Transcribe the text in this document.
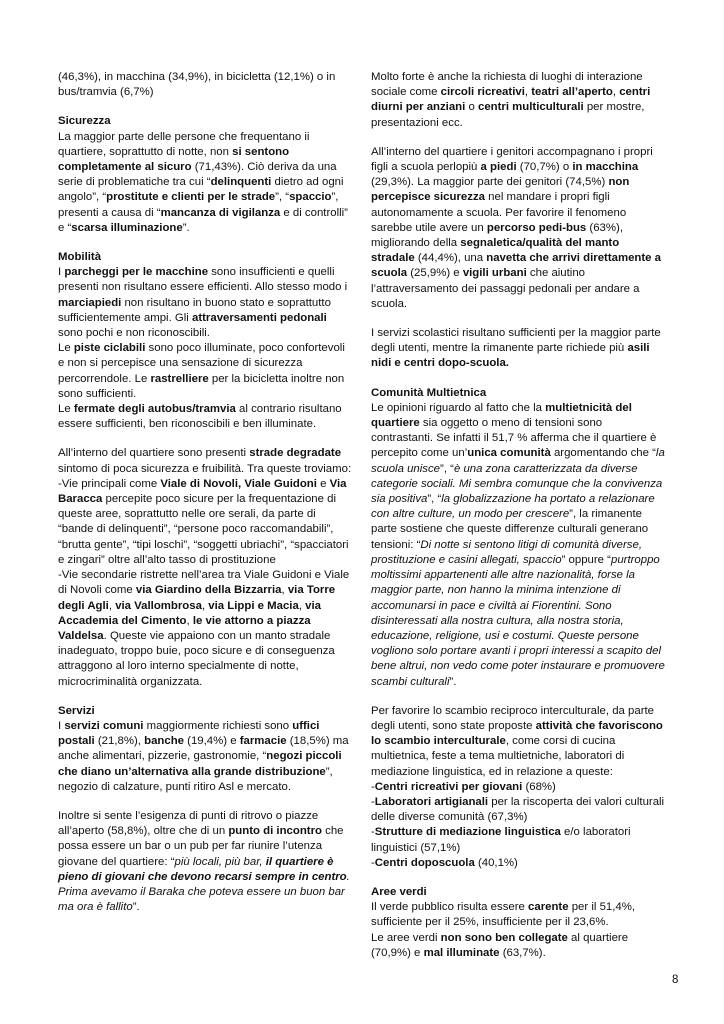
(46,3%), in macchina (34,9%), in bicicletta (12,1%) o in bus/tramvia (6,7%)

Sicurezza

La maggior parte delle persone che frequentano ii quartiere, soprattutto di notte, non si sentono completamente al sicuro (71,43%). Ciò deriva da una serie di problematiche tra cui “delinquenti dietro ad ogni angolo”, “prostitute e clienti per le strade”, “spaccio”, presenti a causa di “mancanza di vigilanza e di controlli” e “scarsa illuminazione”.

Mobilità

I parcheggi per le macchine sono insufficienti e quelli presenti non risultano essere efficienti. Allo stesso modo i marciapiedi non risultano in buono stato e soprattutto sufficientemente ampi. Gli attraversamenti pedonali sono pochi e non riconoscibili.
Le piste ciclabili sono poco illuminate, poco confortevoli e non si percepisce una sensazione di sicurezza percorrendole. Le rastrelliere per la bicicletta inoltre non sono sufficienti.
Le fermate degli autobus/tramvia al contrario risultano essere sufficienti, ben riconoscibili e ben illuminate.

All’interno del quartiere sono presenti strade degradate sintomo di poca sicurezza e fruibilità. Tra queste troviamo:
-Vie principali come Viale di Novoli, Viale Guidoni e Via Baracca percepite poco sicure per la frequentazione di queste aree, soprattutto nelle ore serali, da parte di “bande di delinquenti”, “persone poco raccomandabili”, “brutta gente”, “tipi loschi”, “soggetti ubriachi”, “spacciatori e zingari” oltre all’alto tasso di prostituzione
-Vie secondarie ristrette nell’area tra Viale Guidoni e Viale di Novoli come via Giardino della Bizzarria, via Torre degli Agli, via Vallombrosa, via Lippi e Macia, via Accademia del Cimento, le vie attorno a piazza Valdelsa. Queste vie appaiono con un manto stradale inadeguato, troppo buie, poco sicure e di conseguenza attraggono al loro interno specialmente di notte, microcriminalità organizzata.

Servizi

I servizi comuni maggiormente richiesti sono uffici postali (21,8%), banche (19,4%) e farmacie (18,5%) ma anche alimentari, pizzerie, gastronomie, “negozi piccoli che diano un’alternativa alla grande distribuzione”, negozio di calzature, punti ritiro Asl e mercato.

Inoltre si sente l’esigenza di punti di ritrovo o piazze all’aperto (58,8%), oltre che di un punto di incontro che possa essere un bar o un pub per far riunire l’utenza giovane del quartiere: “più locali, più bar, il quartiere è pieno di giovani che devono recarsi sempre in centro. Prima avevamo il Baraka che poteva essere un buon bar ma ora è fallito”.

Molto forte è anche la richiesta di luoghi di interazione sociale come circoli ricreativi, teatri all’aperto, centri diurni per anziani o centri multiculturali per mostre, presentazioni ecc.

All’interno del quartiere i genitori accompagnano i propri figli a scuola perlopiù a piedi (70,7%) o in macchina (29,3%). La maggior parte dei genitori (74,5%) non percepisce sicurezza nel mandare i propri figli autonomamente a scuola. Per favorire il fenomeno sarebbe utile avere un percorso pedi-bus (63%), migliorando della segnaletica/qualità del manto stradale (44,4%), una navetta che arrivi direttamente a scuola (25,9%) e vigili urbani che aiutino l’attraversamento dei passaggi pedonali per andare a scuola.

I servizi scolastici risultano sufficienti per la maggior parte degli utenti, mentre la rimanente parte richiede più asili nidi e centri dopo-scuola.

Comunità Multietnica

Le opinioni riguardo al fatto che la multietnicità del quartiere sia oggetto o meno di tensioni sono contrastanti. Se infatti il 51,7 % afferma che il quartiere è percepito come un’unica comunità argomentando che “la scuola unisce”, “è una zona caratterizzata da diverse categorie sociali. Mi sembra comunque che la convivenza sia positiva”, “la globalizzazione ha portato a relazionare con altre culture, un modo per crescere”, la rimanente parte sostiene che queste differenze culturali generano tensioni: “Di notte si sentono litigi di comunità diverse, prostituzione e casini allegati, spaccio” oppure “purtroppo moltissimi appartenenti alle altre nazionalità, forse la maggior parte, non hanno la minima intenzione di accomunarsi in pace e civiltà ai Fiorentini. Sono disinteressati alla nostra cultura, alla nostra storia, educazione, religione, usi e costumi. Queste persone vogliono solo portare avanti i propri interessi a scapito del bene altrui, non vedo come poter instaurare e promuovere scambi culturali”.

Per favorire lo scambio reciproco interculturale, da parte degli utenti, sono state proposte attività che favoriscono lo scambio interculturale, come corsi di cucina multietnica, feste a tema multietniche, laboratori di mediazione linguistica, ed in relazione a queste:
-Centri ricreativi per giovani (68%)
-Laboratori artigianali per la riscoperta dei valori culturali delle diverse comunità (67,3%)
-Strutture di mediazione linguistica e/o laboratori linguistici (57,1%)
-Centri doposcuola (40,1%)

Aree verdi

Il verde pubblico risulta essere carente per il 51,4%, sufficiente per il 25%, insufficiente per il 23,6%.
Le aree verdi non sono ben collegate al quartiere (70,9%) e mal illuminate (63,7%).

8
